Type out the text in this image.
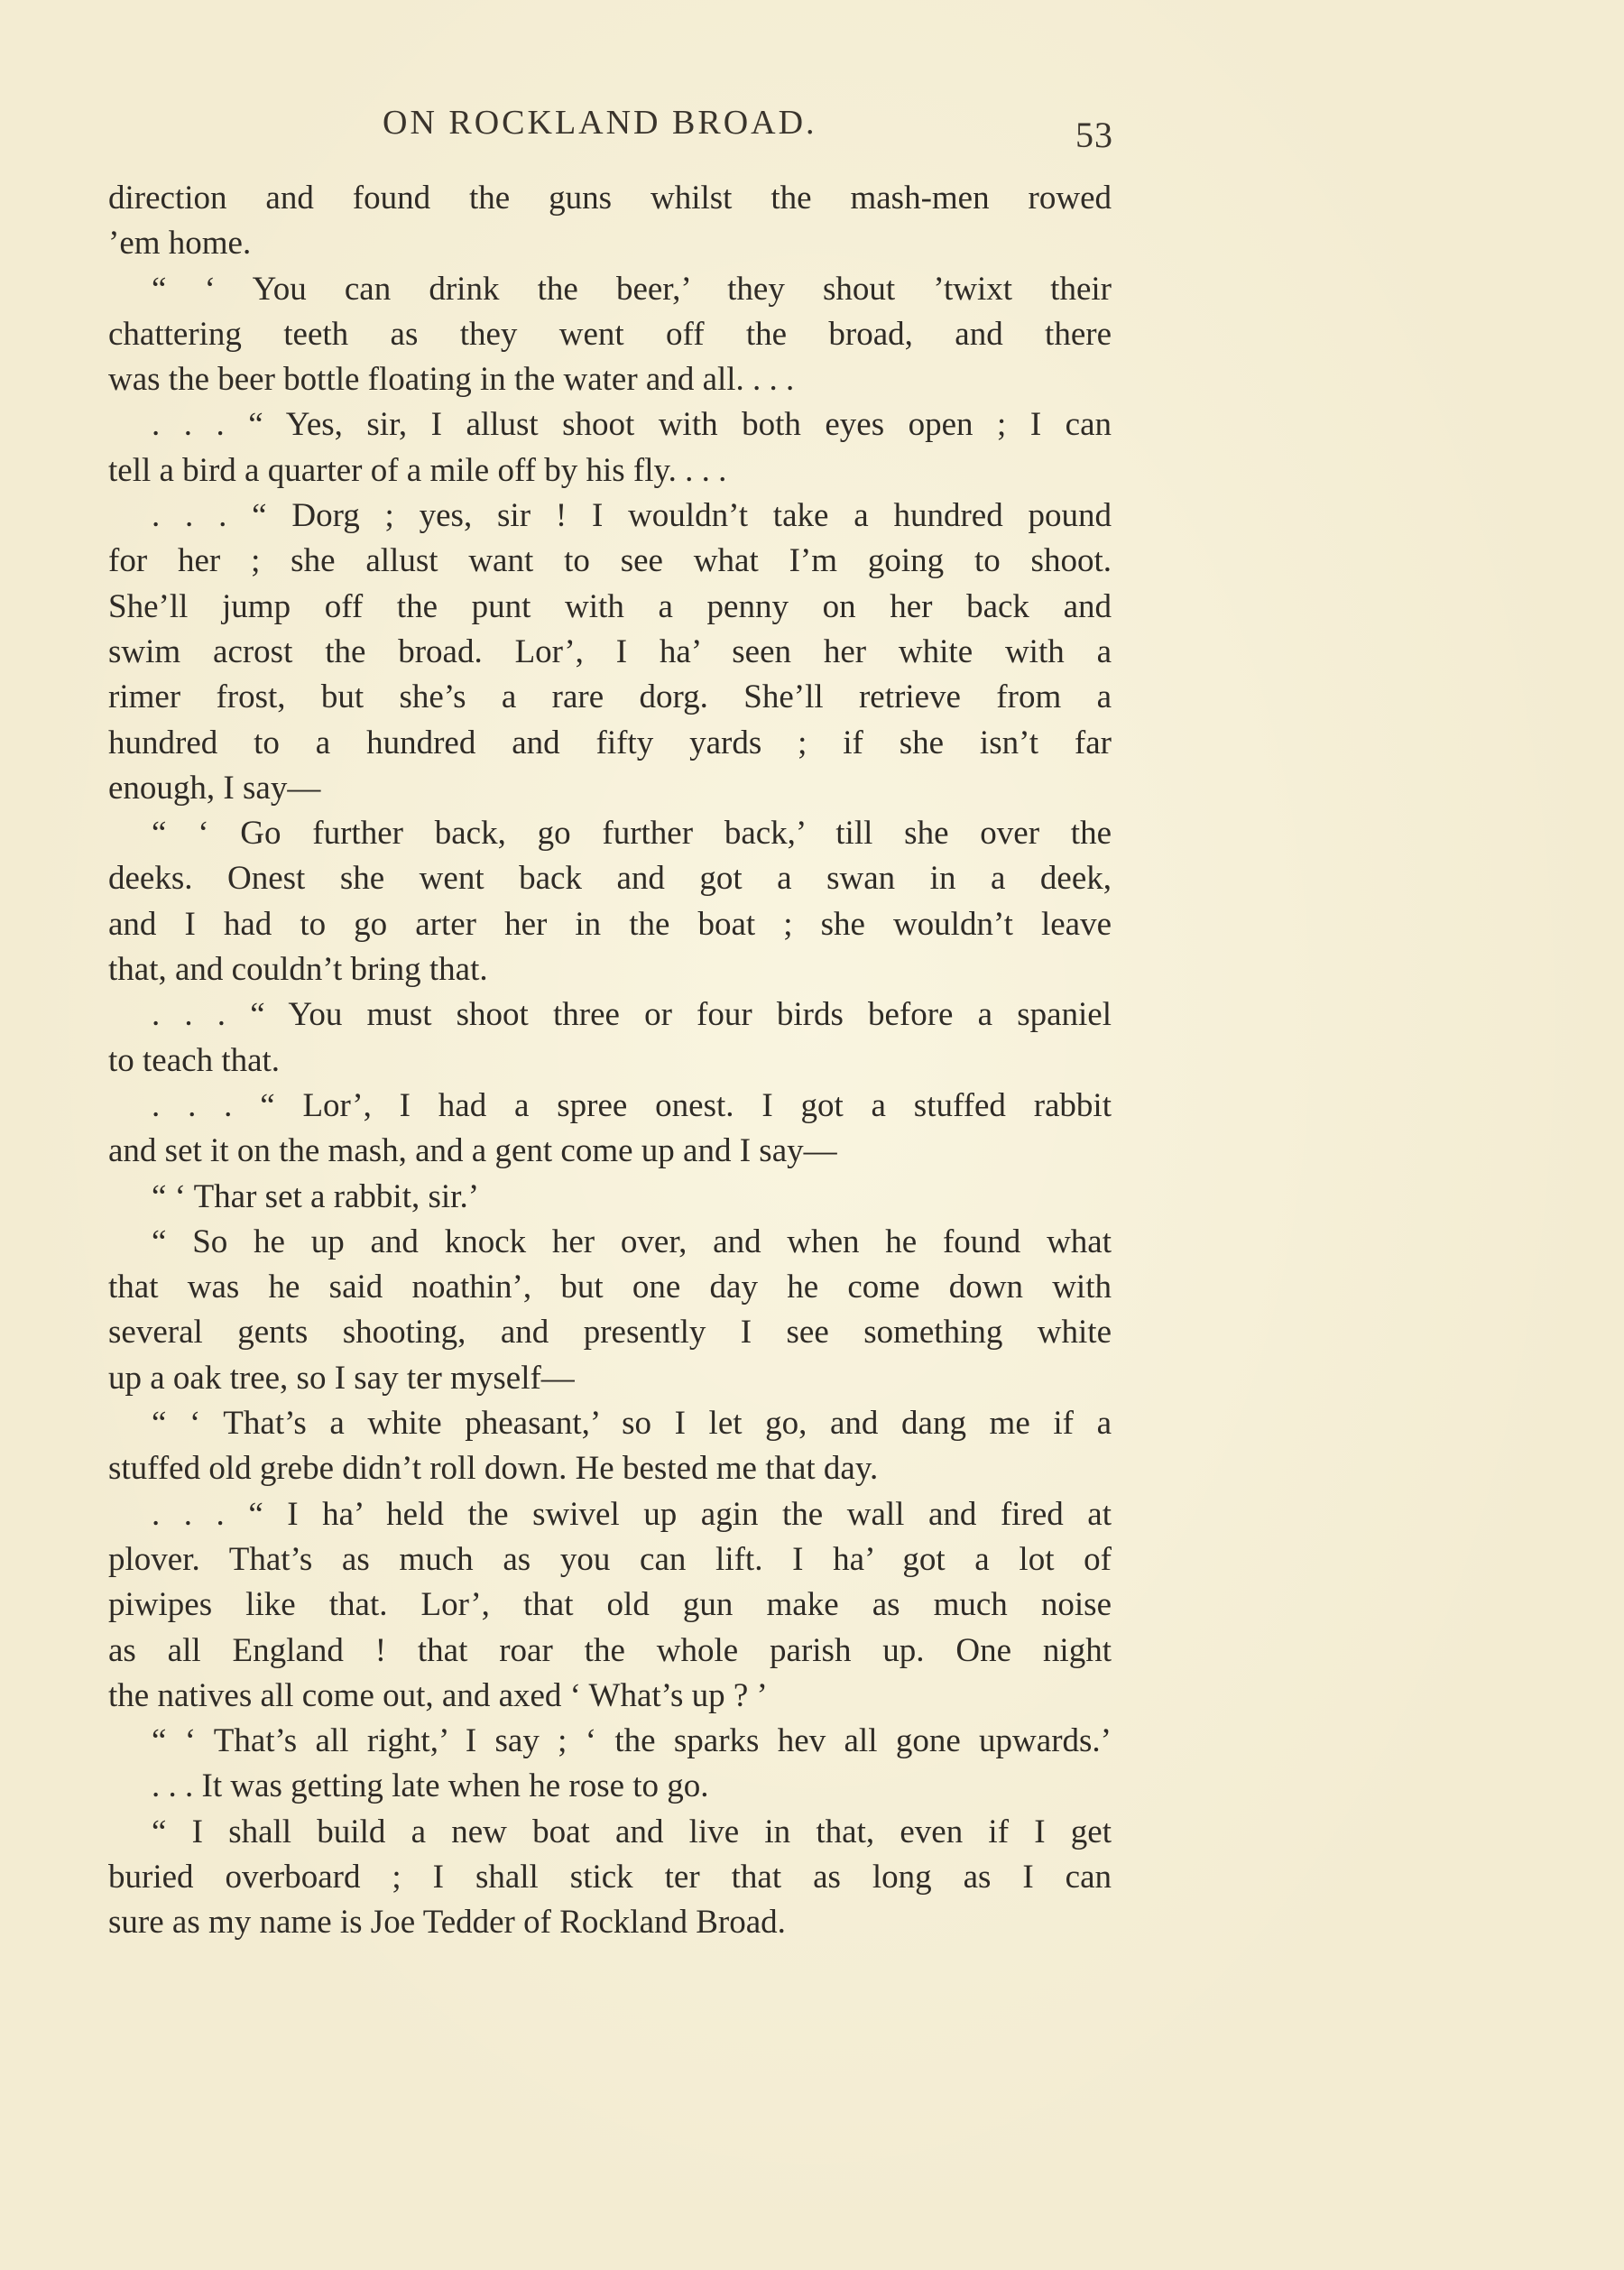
ON ROCKLAND BROAD.	53
direction and found the guns whilst the mash-men rowed
’em home.
“ ‘ You can drink the beer,’ they shout ’twixt their
chattering teeth as they went off the broad, and there
was the beer bottle floating in the water and all. . . .
. . . “ Yes, sir, I allust shoot with both eyes open ; I can
tell a bird a quarter of a mile off by his fly. . . .
. . . “ Dorg ; yes, sir ! I wouldn’t take a hundred pound
for her ; she allust want to see what I’m going to shoot.
She’ll jump off the punt with a penny on her back and
swim acrost the broad. Lor’, I ha’ seen her white with a
rimer frost, but she’s a rare dorg. She’ll retrieve from a
hundred to a hundred and fifty yards ; if she isn’t far
enough, I say—
“ ‘ Go further back, go further back,’ till she over the
deeks. Onest she went back and got a swan in a deek,
and I had to go arter her in the boat ; she wouldn’t leave
that, and couldn’t bring that.
. . . “ You must shoot three or four birds before a spaniel
to teach that.
. . . “ Lor’, I had a spree onest. I got a stuffed rabbit
and set it on the mash, and a gent come up and I say—
“ ‘ Thar set a rabbit, sir.’
“ So he up and knock her over, and when he found what
that was he said noathin’, but one day he come down with
several gents shooting, and presently I see something white
up a oak tree, so I say ter myself—
“ ‘ That’s a white pheasant,’ so I let go, and dang me if a
stuffed old grebe didn’t roll down. He bested me that day.
. . . “ I ha’ held the swivel up agin the wall and fired at
plover. That’s as much as you can lift. I ha’ got a lot of
piwipes like that. Lor’, that old gun make as much noise
as all England ! that roar the whole parish up. One night
the natives all come out, and axed ‘ What’s up ? ’
“ ‘ That’s all right,’ I say ; ‘ the sparks hev all gone upwards.’
. . . It was getting late when he rose to go.
“ I shall build a new boat and live in that, even if I get
buried overboard ; I shall stick ter that as long as I can
sure as my name is Joe Tedder of Rockland Broad.
